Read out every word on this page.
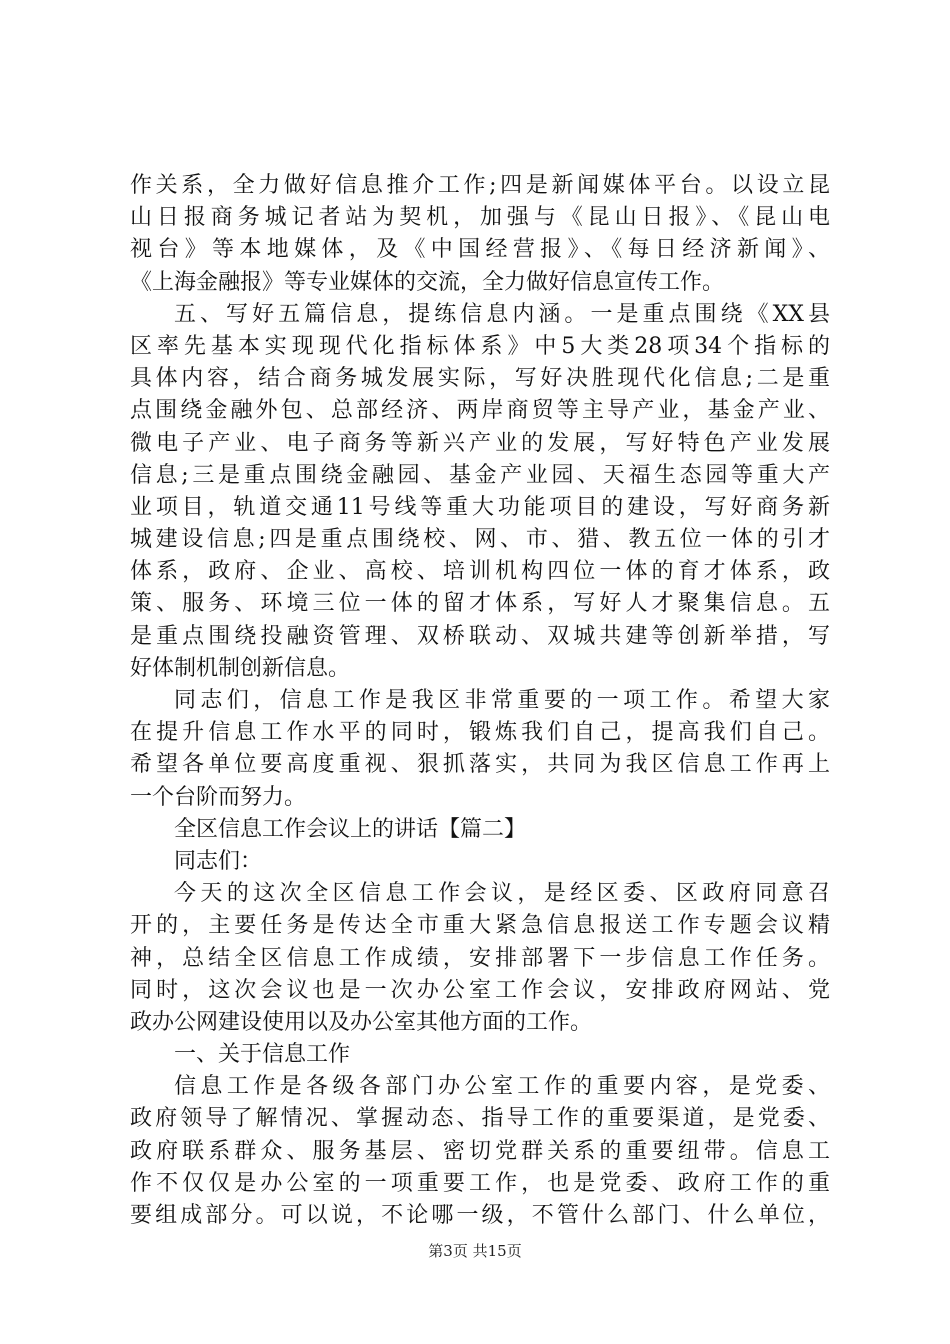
作关系，全力做好信息推介工作;四是新闻媒体平台。以设立昆
山日报商务城记者站为契机，加强与《昆山日报》、《昆山电
视台》等本地媒体，及《中国经营报》、《每日经济新闻》、
《上海金融报》等专业媒体的交流，全力做好信息宣传工作。
五、写好五篇信息，提练信息内涵。一是重点围绕《XX县
区率先基本实现现代化指标体系》中5大类28项34个指标的
具体内容，结合商务城发展实际，写好决胜现代化信息;二是重
点围绕金融外包、总部经济、两岸商贸等主导产业，基金产业、
微电子产业、电子商务等新兴产业的发展，写好特色产业发展
信息;三是重点围绕金融园、基金产业园、天福生态园等重大产
业项目，轨道交通11号线等重大功能项目的建设，写好商务新
城建设信息;四是重点围绕校、网、市、猎、教五位一体的引才
体系，政府、企业、高校、培训机构四位一体的育才体系，政
策、服务、环境三位一体的留才体系，写好人才聚集信息。五
是重点围绕投融资管理、双桥联动、双城共建等创新举措，写
好体制机制创新信息。
同志们，信息工作是我区非常重要的一项工作。希望大家
在提升信息工作水平的同时，锻炼我们自己，提高我们自己。
希望各单位要高度重视、狠抓落实，共同为我区信息工作再上
一个台阶而努力。
全区信息工作会议上的讲话【篇二】
同志们：
今天的这次全区信息工作会议，是经区委、区政府同意召
开的，主要任务是传达全市重大紧急信息报送工作专题会议精
神，总结全区信息工作成绩，安排部署下一步信息工作任务。
同时，这次会议也是一次办公室工作会议，安排政府网站、党
政办公网建设使用以及办公室其他方面的工作。
一、关于信息工作
信息工作是各级各部门办公室工作的重要内容，是党委、
政府领导了解情况、掌握动态、指导工作的重要渠道，是党委、
政府联系群众、服务基层、密切党群关系的重要纽带。信息工
作不仅仅是办公室的一项重要工作，也是党委、政府工作的重
要组成部分。可以说，不论哪一级，不管什么部门、什么单位，
第3页 共15页
